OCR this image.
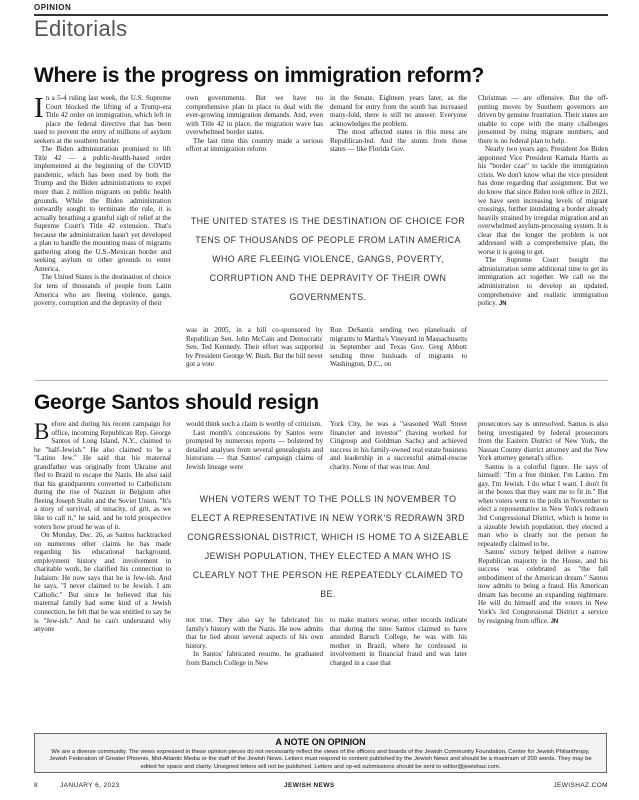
OPINION
Editorials
Where is the progress on immigration reform?

In a 5-4 ruling last week, the U.S. Supreme Court blocked the lifting of a Trump-era Title 42 order on immigration, which left in place the federal directive that has been used to prevent the entry of millions of asylum seekers at the southern border.

The Biden administration promised to lift Title 42 — a public-health-based order implemented at the beginning of the COVID pandemic, which has been used by both the Trump and the Biden administrations to expel more than 2 million migrants on public health grounds. While the Biden administration outwardly sought to terminate the rule, it is actually breathing a grateful sigh of relief at the Supreme Court's Title 42 extension. That's because the administration hasn't yet developed a plan to handle the mounting mass of migrants gathering along the U.S.-Mexican border and seeking asylum or other grounds to enter America.

The United States is the destination of choice for tens of thousands of people from Latin America who are fleeing violence, gangs, poverty, corruption and the depravity of their

own governments. But we have no comprehensive plan in place to deal with the ever-growing immigration demands. And, even with Title 42 in place, the migration wave has overwhelmed border states.

The last time this country made a serious effort at immigration reform

in the Senate. Eighteen years later, as the demand for entry from the south has increased many-fold, there is still no answer. Everyone acknowledges the problem.

The most affected states in this mess are Republican-led. And the stunts from those states — like Florida Gov.

THE UNITED STATES IS THE DESTINATION OF CHOICE FOR TENS OF THOUSANDS OF PEOPLE FROM LATIN AMERICA WHO ARE FLEEING VIOLENCE, GANGS, POVERTY, CORRUPTION AND THE DEPRAVITY OF THEIR OWN GOVERNMENTS.

was in 2005, in a bill co-sponsored by Republican Sen. John McCain and Democratic Sen. Ted Kennedy. Their effort was supported by President George W. Bush. But the bill never got a vote

Ron DeSantis sending two planeloads of migrants to Martha's Vineyard in Massachusetts in September and Texas Gov. Greg Abbott sending three busloads of migrants to Washington, D.C., on

Christmas — are offensive. But the off-putting moves by Southern governors are driven by genuine frustration. Their states are unable to cope with the many challenges presented by rising migrant numbers, and there is no federal plan to help.

Nearly two years ago, President Joe Biden appointed Vice President Kamala Harris as his "border czar" to tackle the immigration crisis. We don't know what the vice president has done regarding that assignment. But we do know that since Biden took office in 2021, we have seen increasing levels of migrant crossings, further inundating a border already heavily strained by irregular migration and an overwhelmed asylum-processing system. It is clear that the longer the problem is not addressed with a comprehensive plan, the worse it is going to get.

The Supreme Court bought the administration some additional time to get its immigration act together. We call on the administration to develop an updated, comprehensive and realistic immigration policy. JN

George Santos should resign

Before and during his recent campaign for office, incoming Republican Rep. George Santos of Long Island, N.Y., claimed to be "half-Jewish." He also claimed to be a "Latino Jew." He said that his maternal grandfather was originally from Ukraine and fled to Brazil to escape the Nazis. He also said that his grandparents converted to Catholicism during the rise of Nazism in Belgium after fleeing Joseph Stalin and the Soviet Union. "It's a story of survival, of tenacity, of grit, as we like to call it," he said, and he told prospective voters how proud he was of it.

On Monday, Dec. 26, as Santos backtracked on numerous other claims he has made regarding his educational background, employment history and involvement in charitable work, he clarified his connection to Judaism: He now says that he is Jew-ish. And he says, "I never claimed to be Jewish. I am Catholic." But since he believed that his maternal family had some kind of a Jewish connection, he felt that he was entitled to say he is "Jew-ish." And he can't understand why anyone

would think such a claim is worthy of criticism.

Last month's concessions by Santos were prompted by numerous reports — bolstered by detailed analyses from several genealogists and historians — that Santos' campaign claims of Jewish lineage were

York City, he was a "seasoned Wall Street financier and investor" (having worked for Citigroup and Goldman Sachs) and achieved success in his family-owned real estate business and leadership in a successful animal-rescue charity. None of that was true. And

WHEN VOTERS WENT TO THE POLLS IN NOVEMBER TO ELECT A REPRESENTATIVE IN NEW YORK'S REDRAWN 3RD CONGRESSIONAL DISTRICT, WHICH IS HOME TO A SIZEABLE JEWISH POPULATION, THEY ELECTED A MAN WHO IS CLEARLY NOT THE PERSON HE REPEATEDLY CLAIMED TO BE.

not true. They also say he fabricated his family's history with the Nazis. He now admits that he lied about several aspects of his own history.

In Santos' fabricated resume, he graduated from Baruch College in New

to make matters worse, other records indicate that during the time Santos claimed to have attended Baruch College, he was with his mother in Brazil, where he confessed to involvement in financial fraud and was later charged in a case that

prosecutors say is unresolved. Santos is also being investigated by federal prosecutors from the Eastern District of New York, the Nassau County district attorney and the New York attorney general's office.

Santos is a colorful figure. He says of himself: "I'm a free thinker. I'm Latino. I'm gay. I'm Jewish. I do what I want. I don't fit in the boxes that they want me to fit in." But when voters went to the polls in November to elect a representative in New York's redrawn 3rd Congressional District, which is home to a sizeable Jewish population, they elected a man who is clearly not the person he repeatedly claimed to be.

Santos' victory helped deliver a narrow Republican majority in the House, and his success was celebrated as "the full embodiment of the American dream." Santos now admits to being a fraud. His American dream has become an expanding nightmare. He will do himself and the voters in New York's 3rd Congressional District a service by resigning from office. JN

A NOTE ON OPINION

We are a diverse community. The views expressed in these opinion pieces do not necessarily reflect the views of the officers and boards of the Jewish Community Foundation, Center for Jewish Philanthropy, Jewish Federation of Greater Phoenix, Mid-Atlantic Media or the staff of the Jewish News. Letters must respond to content published by the Jewish News and should be a maximum of 200 words. They may be edited for space and clarity. Unsigned letters will not be published. Letters and op-ed submissions should be sent to editor@jewishaz.com.

8	JANUARY 6, 2023	JEWISH NEWS	JEWISHAZ.COM
